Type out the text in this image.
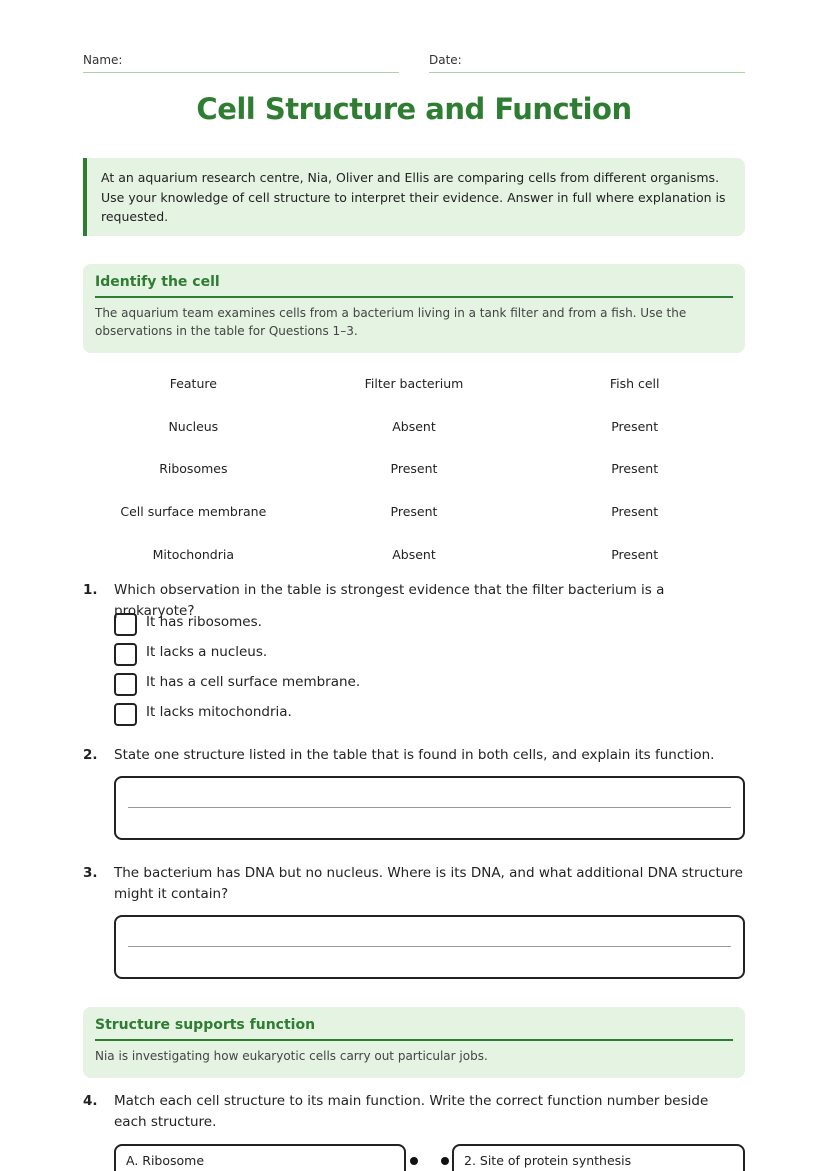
Name:	Date:
Cell Structure and Function
At an aquarium research centre, Nia, Oliver and Ellis are comparing cells from different organisms. Use your knowledge of cell structure to interpret their evidence. Answer in full where explanation is requested.
Identify the cell
The aquarium team examines cells from a bacterium living in a tank filter and from a fish. Use the observations in the table for Questions 1–3.
Feature	Filter bacterium	Fish cell
Nucleus	Absent	Present
Ribosomes	Present	Present
Cell surface membrane	Present	Present
Mitochondria	Absent	Present
1. Which observation in the table is strongest evidence that the filter bacterium is a prokaryote?
It has ribosomes.
It lacks a nucleus.
It has a cell surface membrane.
It lacks mitochondria.
2. State one structure listed in the table that is found in both cells, and explain its function.
3. The bacterium has DNA but no nucleus. Where is its DNA, and what additional DNA structure might it contain?
Structure supports function
Nia is investigating how eukaryotic cells carry out particular jobs.
4. Match each cell structure to its main function. Write the correct function number beside each structure.
A. Ribosome	2. Site of protein synthesis
